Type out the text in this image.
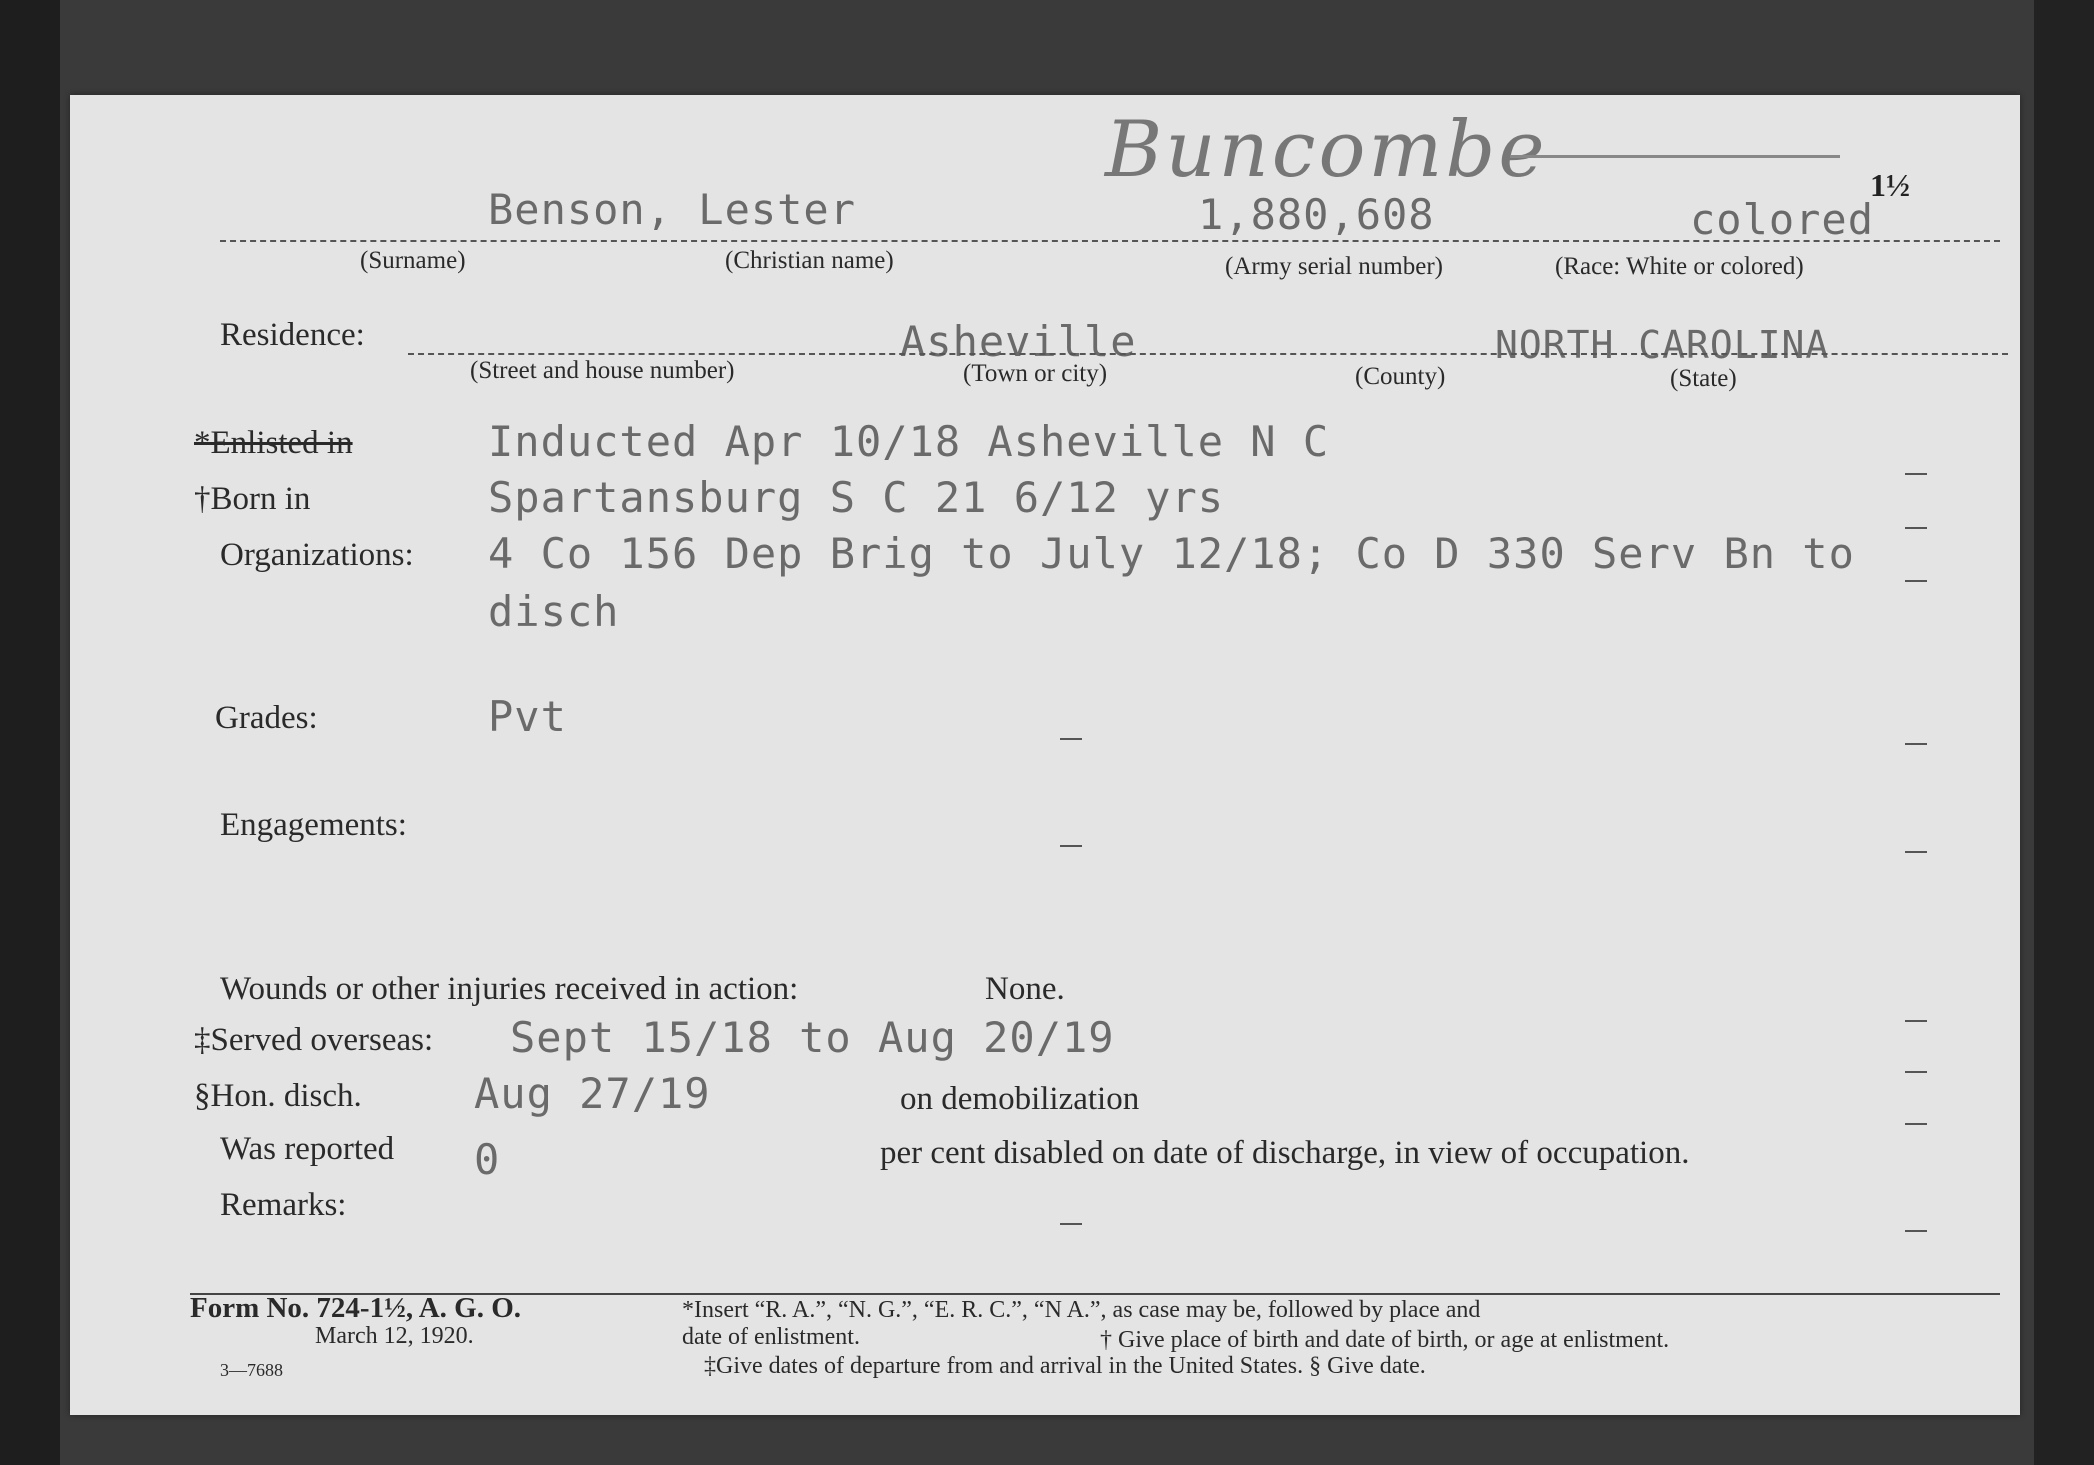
Buncombe	1½
Benson, Lester	1,880,608	colored
(Surname)	(Christian name)	(Army serial number)	(Race: White or colored)
Residence:	Asheville	NORTH CAROLINA
(Street and house number)	(Town or city)	(County)	(State)
*Enlisted in	Inducted Apr 10/18 Asheville N C
†Born in	Spartansburg S C 21 6/12 yrs
Organizations: 4 Co 156 Dep Brig to July 12/18; Co D 330 Serv Bn to
disch
Grades:	Pvt
Engagements:
Wounds or other injuries received in action:	None.
‡Served overseas: Sept 15/18 to Aug 20/19
§Hon. disch.	Aug 27/19	on demobilization
Was reported 0	per cent disabled on date of discharge, in view of occupation.
Remarks:
Form No. 724-1½, A. G. O.
March 12, 1920.
3—7688
*Insert “R. A.”, “N. G.”, “E. R. C.”, “N A.”, as case may be, followed by place and
date of enlistment.	† Give place of birth and date of birth, or age at enlistment.
‡Give dates of departure from and arrival in the United States. § Give date.
